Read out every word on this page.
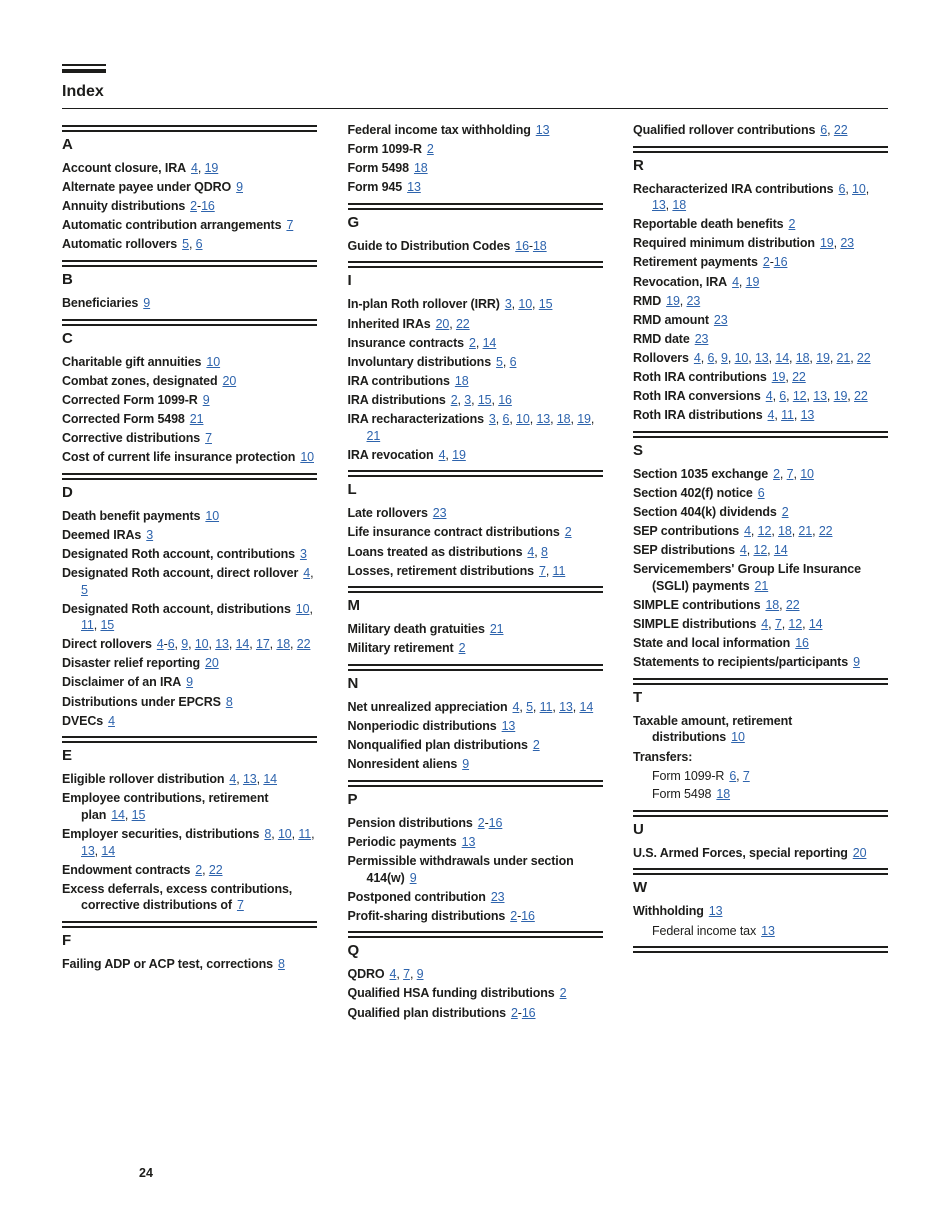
Index
A
Account closure, IRA 4, 19
Alternate payee under QDRO 9
Annuity distributions 2-16
Automatic contribution arrangements 7
Automatic rollovers 5, 6
B
Beneficiaries 9
C
Charitable gift annuities 10
Combat zones, designated 20
Corrected Form 1099-R 9
Corrected Form 5498 21
Corrective distributions 7
Cost of current life insurance protection 10
D
Death benefit payments 10
Deemed IRAs 3
Designated Roth account, contributions 3
Designated Roth account, direct rollover 4, 5
Designated Roth account, distributions 10, 11, 15
Direct rollovers 4-6, 9, 10, 13, 14, 17, 18, 22
Disaster relief reporting 20
Disclaimer of an IRA 9
Distributions under EPCRS 8
DVECs 4
E
Eligible rollover distribution 4, 13, 14
Employee contributions, retirement plan 14, 15
Employer securities, distributions 8, 10, 11, 13, 14
Endowment contracts 2, 22
Excess deferrals, excess contributions, corrective distributions of 7
F
Failing ADP or ACP test, corrections 8
Federal income tax withholding 13
Form 1099-R 2
Form 5498 18
Form 945 13
G
Guide to Distribution Codes 16-18
I
In-plan Roth rollover (IRR) 3, 10, 15
Inherited IRAs 20, 22
Insurance contracts 2, 14
Involuntary distributions 5, 6
IRA contributions 18
IRA distributions 2, 3, 15, 16
IRA recharacterizations 3, 6, 10, 13, 18, 19, 21
IRA revocation 4, 19
L
Late rollovers 23
Life insurance contract distributions 2
Loans treated as distributions 4, 8
Losses, retirement distributions 7, 11
M
Military death gratuities 21
Military retirement 2
N
Net unrealized appreciation 4, 5, 11, 13, 14
Nonperiodic distributions 13
Nonqualified plan distributions 2
Nonresident aliens 9
P
Pension distributions 2-16
Periodic payments 13
Permissible withdrawals under section 414(w) 9
Postponed contribution 23
Profit-sharing distributions 2-16
Q
QDRO 4, 7, 9
Qualified HSA funding distributions 2
Qualified plan distributions 2-16
Qualified rollover contributions 6, 22
R
Recharacterized IRA contributions 6, 10, 13, 18
Reportable death benefits 2
Required minimum distribution 19, 23
Retirement payments 2-16
Revocation, IRA 4, 19
RMD 19, 23
RMD amount 23
RMD date 23
Rollovers 4, 6, 9, 10, 13, 14, 18, 19, 21, 22
Roth IRA contributions 19, 22
Roth IRA conversions 4, 6, 12, 13, 19, 22
Roth IRA distributions 4, 11, 13
S
Section 1035 exchange 2, 7, 10
Section 402(f) notice 6
Section 404(k) dividends 2
SEP contributions 4, 12, 18, 21, 22
SEP distributions 4, 12, 14
Servicemembers' Group Life Insurance (SGLI) payments 21
SIMPLE contributions 18, 22
SIMPLE distributions 4, 7, 12, 14
State and local information 16
Statements to recipients/participants 9
T
Taxable amount, retirement distributions 10
Transfers:
Form 1099-R 6, 7
Form 5498 18
U
U.S. Armed Forces, special reporting 20
W
Withholding 13
Federal income tax 13
24
